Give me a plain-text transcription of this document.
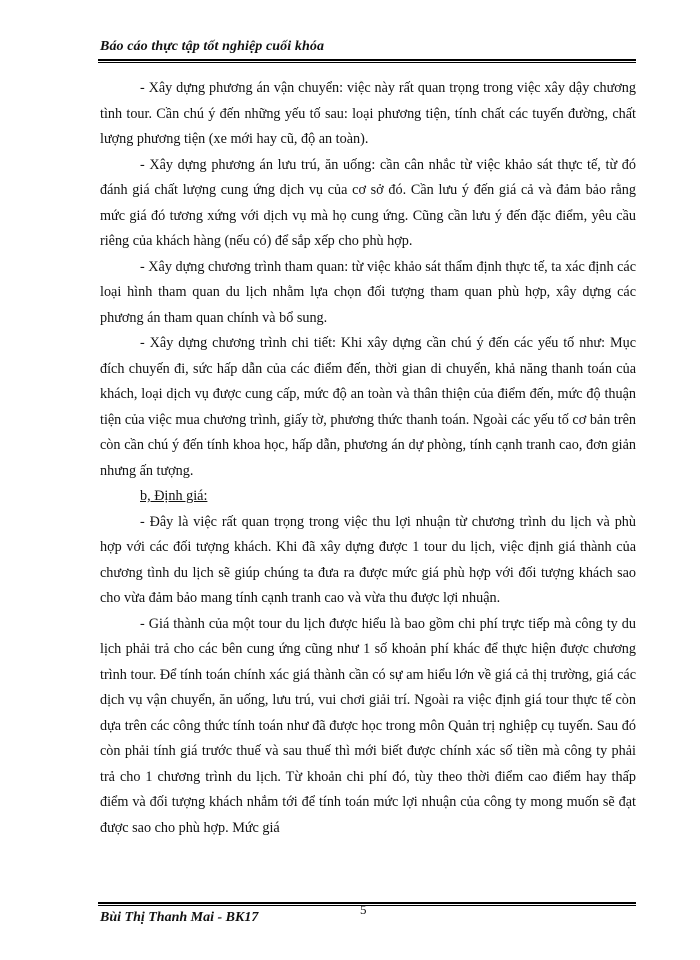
Báo cáo thực tập tốt nghiệp cuối khóa

- Xây dựng phương án vận chuyển: việc này rất quan trọng trong việc xây dậy chương tình tour. Cần chú ý đến những yếu tố sau: loại phương tiện, tính chất các tuyến đường, chất lượng phương tiện (xe mới hay cũ, độ an toàn).

- Xây dựng phương án lưu trú, ăn uống: cần cân nhắc từ việc khảo sát thực tế, từ đó đánh giá chất lượng cung ứng dịch vụ của cơ sở đó. Cần lưu ý đến giá cả và đảm bảo rằng mức giá đó tương xứng với dịch vụ mà họ cung ứng. Cũng cần lưu ý đến đặc điểm, yêu cầu riêng của khách hàng (nếu có) để sắp xếp cho phù hợp.

- Xây dựng chương trình tham quan: từ việc khảo sát thẩm định thực tế, ta xác định các loại hình tham quan du lịch nhằm lựa chọn đối tượng tham quan phù hợp, xây dựng các phương án tham quan chính và bổ sung.

- Xây dựng chương trình chi tiết: Khi xây dựng cần chú ý đến các yếu tố như: Mục đích chuyến đi, sức hấp dẫn của các điểm đến, thời gian di chuyển, khả năng thanh toán của khách, loại dịch vụ được cung cấp, mức độ an toàn và thân thiện của điểm đến, mức độ thuận tiện của việc mua chương trình, giấy tờ, phương thức thanh toán. Ngoài các yếu tố cơ bản trên còn cần chú ý đến tính khoa học, hấp dẫn, phương án dự phòng, tính cạnh tranh cao, đơn giản nhưng ấn tượng.

b, Định giá:

- Đây là việc rất quan trọng trong việc thu lợi nhuận từ chương trình du lịch và phù hợp với các đối tượng khách. Khi đã xây dựng được 1 tour du lịch, việc định giá thành của chương tình du lịch sẽ giúp chúng ta đưa ra được mức giá phù hợp với đối tượng khách sao cho vừa đảm bảo mang tính cạnh tranh cao và vừa thu được lợi nhuận.

- Giá thành của một tour du lịch được hiểu là bao gồm chi phí trực tiếp mà công ty du lịch phải trả cho các bên cung ứng cũng như 1 số khoản phí khác để thực hiện được chương trình tour. Để tính toán chính xác giá thành cần có sự am hiểu lớn về giá cả thị trường, giá các dịch vụ vận chuyển, ăn uống, lưu trú, vui chơi giải trí. Ngoài ra việc định giá tour thực tế còn dựa trên các công thức tính toán như đã được học trong môn Quản trị nghiệp cụ tuyến. Sau đó còn phải tính giá trước thuế và sau thuế thì mới biết được chính xác số tiền mà công ty phải trả cho 1 chương trình du lịch. Từ khoản chi phí đó, tùy theo thời điểm cao điểm hay thấp điểm và đối tượng khách nhắm tới để tính toán mức lợi nhuận của công ty mong muốn sẽ đạt được sao cho phù hợp. Mức giá

Bùi Thị Thanh Mai - BK17
5
